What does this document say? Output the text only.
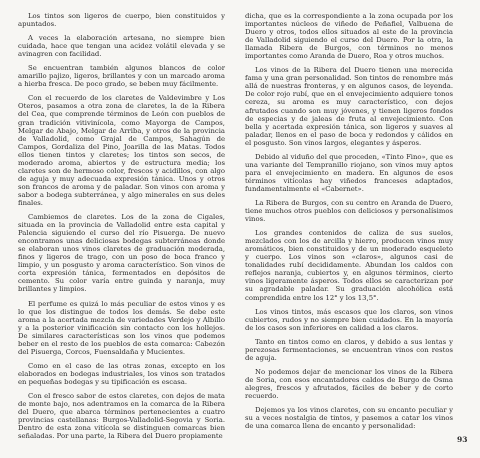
Los tintos son ligeros de cuerpo, bien constituidos y apuntados.

A veces la elaboración artesana, no siempre bien cuidada, hace que tengan una acidez volátil elevada y se avinagren con facilidad.

Se encuentran también algunos blancos de color amarillo pajizo, ligeros, brillantes y con un marcado aroma a hierba fresca. De poco grado, se beben muy fácilmente.

Con el recuerdo de los claretes de Valdevimbre y Los Oteros, pasamos a otra zona de claretes, la de la Ribera del Cea, que comprende términos de León con pueblos de gran tradición vitivinícola, como Mayorga de Campos, Melgar de Abajo, Melgar de Arriba, y otros de la provincia de Valladolid, como Grajal de Campos, Sahagún de Campos, Gordaliza del Pino, Joarilla de las Matas. Todos ellos tienen tintos y claretes; los tintos son secos, de moderado aroma, abiertos y de estructura media; los claretes son de hermoso color, frescos y acidillos, con algo de aguja y muy adecuada expresión tánica. Unos y otros son francos de aroma y de paladar. Son vinos con aroma y sabor a bodega subterránea, y algo minerales en sus deles finales.

Cambiemos de claretes. Los de la zona de Cigales, situada en la provincia de Valladolid entre esta capital y Palencia siguiendo el curso del río Pisuerga. De nuevo encontramos unas deliciosas bodegas subterráneas donde se elaboran unos vinos claretes de graduación moderada, finos y ligeros de trago, con un poso de boca franco y limpio, y un posgusto y aroma característico. Son vinos de corta expresión tánica, fermentados en depósitos de cemento. Su color varía entre guinda y naranja, muy brillantes y limpios.

El perfume es quizá lo más peculiar de estos vinos y es lo que los distingue de todos los demás. Se debe este aroma a la acertada mezcla de variedades Verdejo y Albillo y a la posterior vinificación sin contacto con los hollejos. De similares características son los vinos que podemos beber en el resto de los pueblos de esta comarca: Cabezón del Pisuerga, Corcos, Fuensaldaña y Mucientes.

Como en el caso de las otras zonas, excepto en los elaborados en bodegas industriales, los vinos son tratados en pequeñas bodegas y su tipificación es escasa.

Con el fresco sabor de estos claretes, con dejos de mata de monte bajo, nos adentramos en la comarca de la Ribera del Duero, que abarca términos pertenecientes a cuatro provincias castellanas: Burgos-Valladolid-Segovia y Soria. Dentro de esta zona vitícola se distinguen comarcas bien señaladas. Por una parte, la Ribera del Duero propiamente

dicha, que es la correspondiente a la zona ocupada por los importantes núcleos de viñedo de Peñafiel, Valbuena de Duero y otros, todos ellos situados al este de la provincia de Valladolid siguiendo el curso del Duero. Por la otra, la llamada Ribera de Burgos, con términos no menos importantes como Aranda de Duero, Roa y otros muchos.

Los vinos de la Ribera del Duero tienen una merecida fama y una gran personalidad. Son tintos de renombre más allá de nuestras fronteras, y en algunos casos, de leyenda. De color rojo rubí, que en el envejecimiento adquiere tonos cereza, su aroma es muy característico, con dejos afrutados cuando son muy jóvenes, y tienen ligeros fondos de especias y de jaleas de fruta al envejecimiento. Con bella y acertada expresión tánica, son ligeros y suaves al paladar, llenos en el paso de boca y redondos y cálidos en el posgusto. Son vinos largos, elegantes y ásperos.

Debido al viduño del que proceden, «Tinto Fino», que es una variante del Tempranillo riojano, son vinos muy aptos para el envejecimiento en madera. En algunos de esos términos vitícolas hay viñedos franceses adaptados, fundamentalmente el «Cabernet».

La Ribera de Burgos, con su centro en Aranda de Duero, tiene muchos otros pueblos con deliciosos y personalísimos vinos.

Los grandes contenidos de caliza de sus suelos, mezclados con los de arcilla y hierro, producen vinos muy aromáticos, bien constituidos y de un moderado esqueleto y cuerpo. Los vinos son «claros», algunos casi de tonalidades rubí decididamente. Abundan los caldos con reflejos naranja, cubiertos y, en algunos términos, cierto vinos ligeramente ásperos. Todos ellos se caracterizan por su agradable paladar. Su graduación alcohólica está comprendida entre los 12° y los 13,5°.

Los vinos tintos, más escasos que los claros, son vinos cubiertos, rudos y no siempre bien cuidados. En la mayoría de los casos son inferiores en calidad a los claros.

Tanto en tintos como en claros, y debido a sus lentas y perezosas fermentaciones, se encuentran vinos con restos de aguja.

No podemos dejar de mencionar los vinos de la Ribera de Soria, con esos encantadores caldos de Burgo de Osma alegres, frescos y afrutados, fáciles de beber y de corto recuerdo.

Dejemos ya los vinos claretes, con su encanto peculiar y su a veces nostalgia de tintos, y pasemos a catar los vinos de una comarca llena de encanto y personalidad:

93
